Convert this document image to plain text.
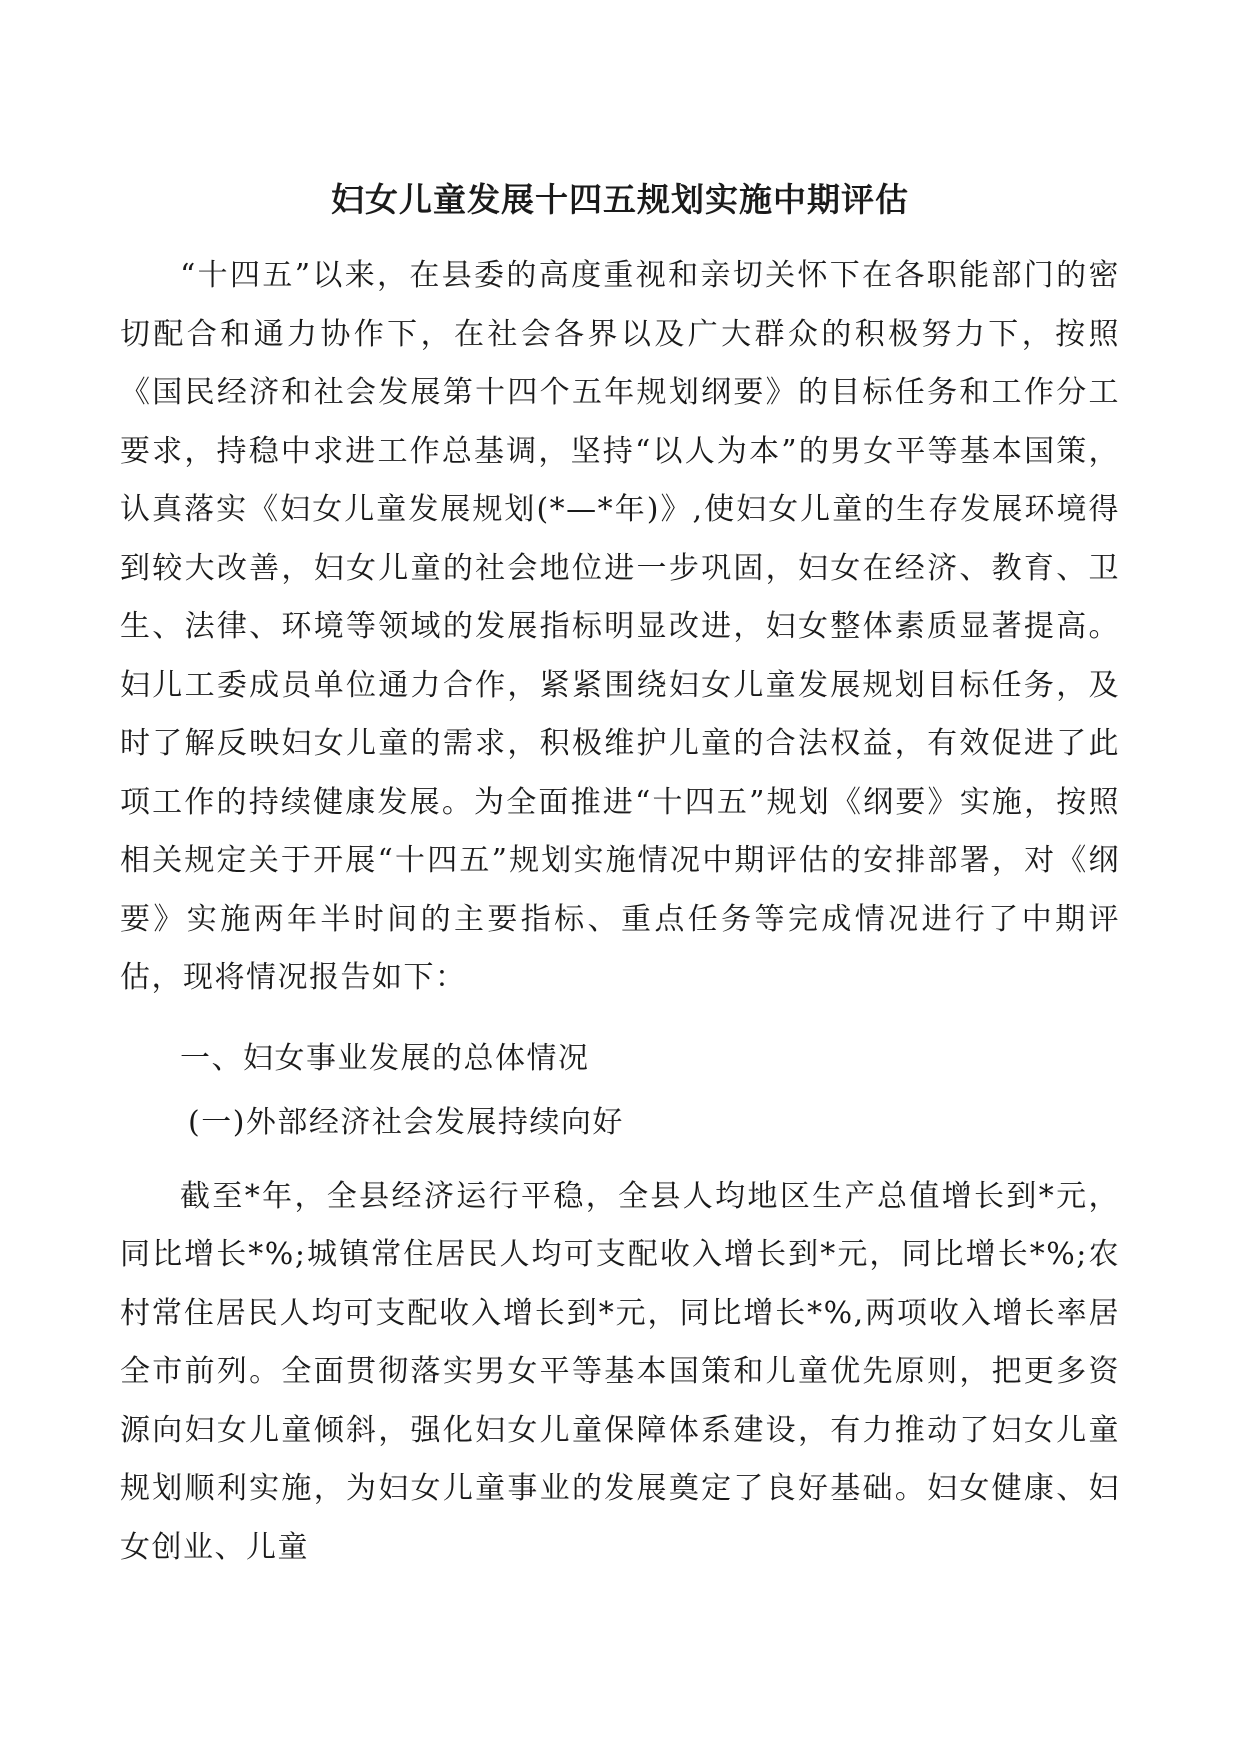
妇女儿童发展十四五规划实施中期评估

“十四五”以来，在县委的高度重视和亲切关怀下在各职能部门的密切配合和通力协作下，在社会各界以及广大群众的积极努力下，按照《国民经济和社会发展第十四个五年规划纲要》的目标任务和工作分工要求，持稳中求进工作总基调，坚持“以人为本”的男女平等基本国策，认真落实《妇女儿童发展规划(*—*年)》,使妇女儿童的生存发展环境得到较大改善，妇女儿童的社会地位进一步巩固，妇女在经济、教育、卫生、法律、环境等领域的发展指标明显改进，妇女整体素质显著提高。妇儿工委成员单位通力合作，紧紧围绕妇女儿童发展规划目标任务，及时了解反映妇女儿童的需求，积极维护儿童的合法权益，有效促进了此项工作的持续健康发展。为全面推进“十四五”规划《纲要》实施，按照相关规定关于开展“十四五”规划实施情况中期评估的安排部署，对《纲要》实施两年半时间的主要指标、重点任务等完成情况进行了中期评估，现将情况报告如下：

一、妇女事业发展的总体情况

(一)外部经济社会发展持续向好

截至*年，全县经济运行平稳，全县人均地区生产总值增长到*元，同比增长*%;城镇常住居民人均可支配收入增长到*元，同比增长*%;农村常住居民人均可支配收入增长到*元，同比增长*%,两项收入增长率居全市前列。全面贯彻落实男女平等基本国策和儿童优先原则，把更多资源向妇女儿童倾斜，强化妇女儿童保障体系建设，有力推动了妇女儿童规划顺利实施，为妇女儿童事业的发展奠定了良好基础。妇女健康、妇女创业、儿童
